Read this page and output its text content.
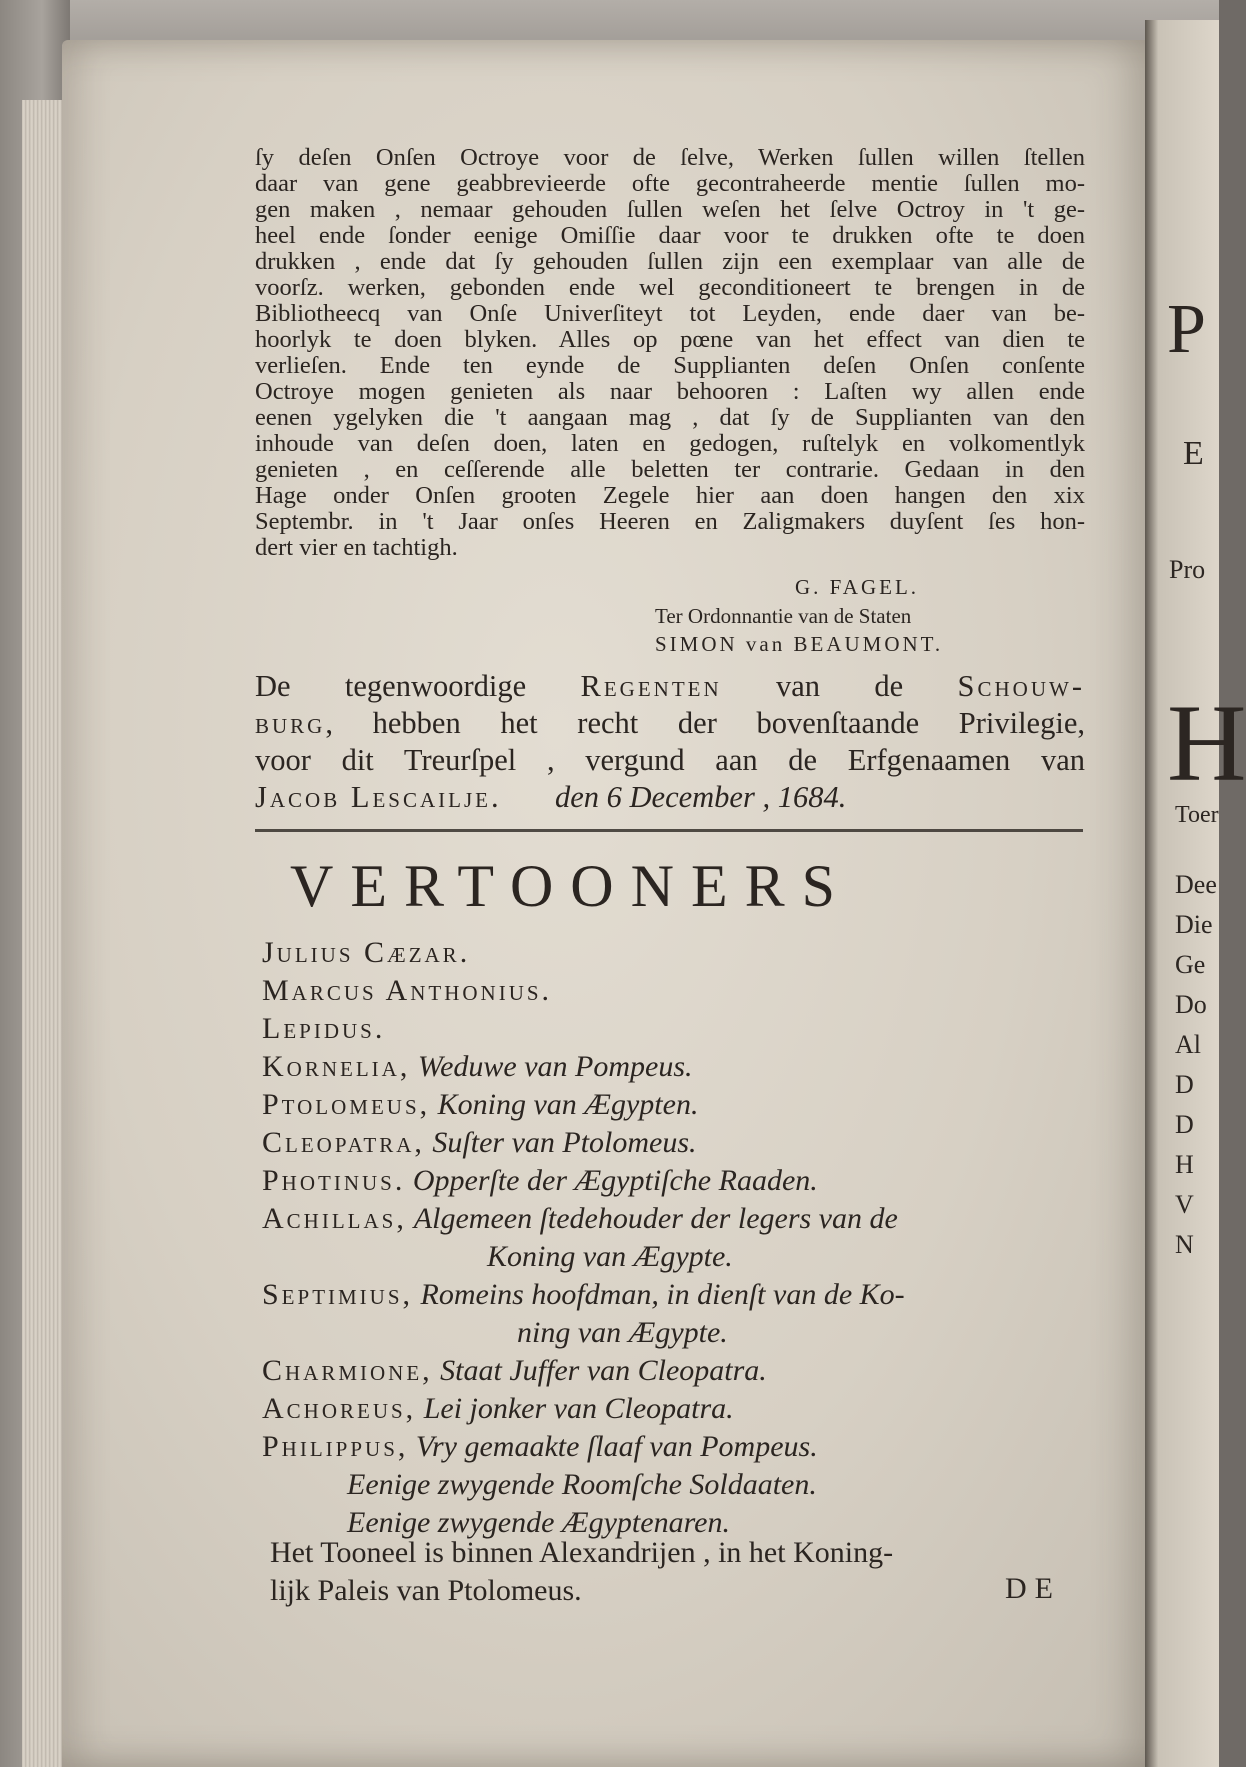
P
E
Pro
H
Toer
Dee
Die
Ge
Do
Al
D
D
H
V
N
ſy deſen Onſen Octroye voor de ſelve, Werken ſullen willen ſtellen
daar van gene geabbrevieerde ofte gecontraheerde mentie ſullen mo-
gen maken , nemaar gehouden ſullen weſen het ſelve Octroy in 't ge-
heel ende ſonder eenige Omiſſie daar voor te drukken ofte te doen
drukken , ende dat ſy gehouden ſullen zijn een exemplaar van alle de
voorſz. werken, gebonden ende wel geconditioneert te brengen in de
Bibliotheecq van Onſe Univerſiteyt tot Leyden, ende daer van be-
hoorlyk te doen blyken. Alles op pœne van het effect van dien te
verlieſen. Ende ten eynde de Supplianten deſen Onſen conſente
Octroye mogen genieten als naar behooren : Laſten wy allen ende
eenen ygelyken die 't aangaan mag , dat ſy de Supplianten van den
inhoude van deſen doen, laten en gedogen, ruſtelyk en volkomentlyk
genieten , en ceſſerende alle beletten ter contrarie. Gedaan in den
Hage onder Onſen grooten Zegele hier aan doen hangen den xix
Septembr. in 't Jaar onſes Heeren en Zaligmakers duyſent ſes hon-
dert vier en tachtigh.
G. FAGEL.
Ter Ordonnantie van de Staten
SIMON van BEAUMONT.
De tegenwoordige Regenten van de Schouw-
burg, hebben het recht der bovenſtaande Privilegie,
voor dit Treurſpel , vergund aan de Erfgenaamen van
Jacob Lescailje. den 6 December , 1684.
VERTOONERS
Julius Cæzar.
Marcus Anthonius.
Lepidus.
Kornelia, Weduwe van Pompeus.
Ptolomeus, Koning van Ægypten.
Cleopatra, Suſter van Ptolomeus.
Photinus. Opperſte der Ægyptiſche Raaden.
Achillas, Algemeen ſtedehouder der legers van de
Koning van Ægypte.
Septimius, Romeins hoofdman, in dienſt van de Ko-
ning van Ægypte.
Charmione, Staat Juffer van Cleopatra.
Achoreus, Lei jonker van Cleopatra.
Philippus, Vry gemaakte ſlaaf van Pompeus.
Eenige zwygende Roomſche Soldaaten.
Eenige zwygende Ægyptenaren.
Het Tooneel is binnen Alexandrijen , in het Koning-
lijk Paleis van Ptolomeus.	DE
